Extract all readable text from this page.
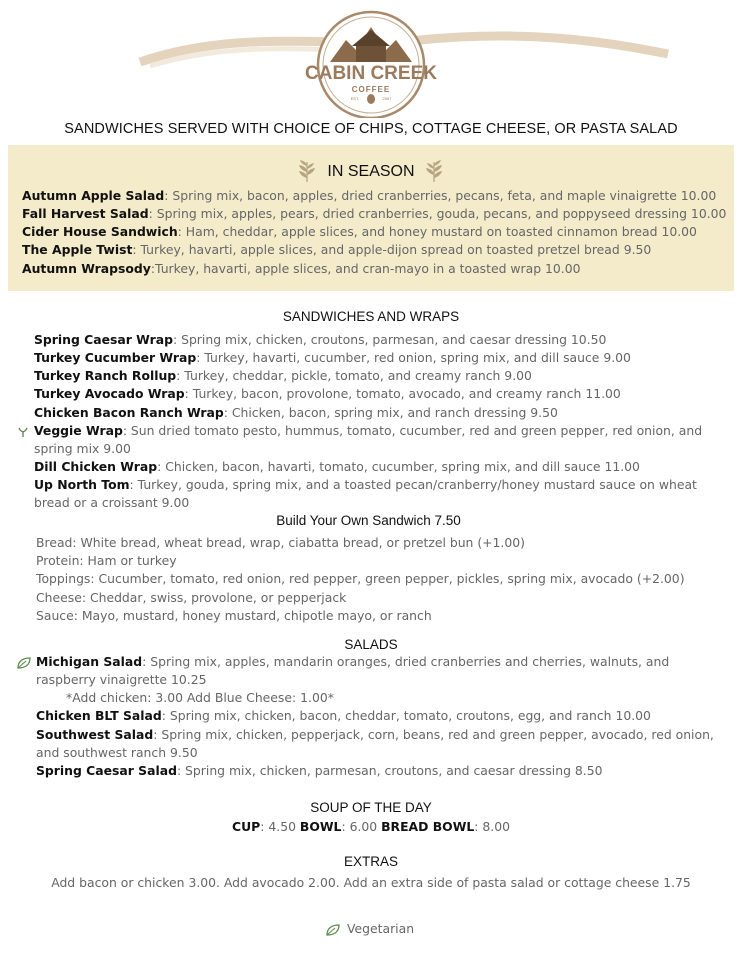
CABIN CREEK
COFFEE
EST.	2007
SANDWICHES SERVED WITH CHOICE OF CHIPS, COTTAGE CHEESE, OR PASTA SALAD
IN SEASON
Autumn Apple Salad: Spring mix, bacon, apples, dried cranberries, pecans, feta, and maple vinaigrette 10.00
Fall Harvest Salad: Spring mix, apples, pears, dried cranberries, gouda, pecans, and poppyseed dressing 10.00
Cider House Sandwich: Ham, cheddar, apple slices, and honey mustard on toasted cinnamon bread 10.00
The Apple Twist: Turkey, havarti, apple slices, and apple-dijon spread on toasted pretzel bread 9.50
Autumn Wrapsody:Turkey, havarti, apple slices, and cran-mayo in a toasted wrap 10.00
SANDWICHES AND WRAPS
Spring Caesar Wrap: Spring mix, chicken, croutons, parmesan, and caesar dressing 10.50
Turkey Cucumber Wrap: Turkey, havarti, cucumber, red onion, spring mix, and dill sauce 9.00
Turkey Ranch Rollup: Turkey, cheddar, pickle, tomato, and creamy ranch 9.00
Turkey Avocado Wrap: Turkey, bacon, provolone, tomato, avocado, and creamy ranch 11.00
Chicken Bacon Ranch Wrap: Chicken, bacon, spring mix, and ranch dressing 9.50
Veggie Wrap: Sun dried tomato pesto, hummus, tomato, cucumber, red and green pepper, red onion, and spring mix 9.00
Dill Chicken Wrap: Chicken, bacon, havarti, tomato, cucumber, spring mix, and dill sauce 11.00
Up North Tom: Turkey, gouda, spring mix, and a toasted pecan/cranberry/honey mustard sauce on wheat bread or a croissant 9.00
Build Your Own Sandwich 7.50
Bread: White bread, wheat bread, wrap, ciabatta bread, or pretzel bun (+1.00)
Protein: Ham or turkey
Toppings: Cucumber, tomato, red onion, red pepper, green pepper, pickles, spring mix, avocado (+2.00)
Cheese: Cheddar, swiss, provolone, or pepperjack
Sauce: Mayo, mustard, honey mustard, chipotle mayo, or ranch
SALADS
Michigan Salad: Spring mix, apples, mandarin oranges, dried cranberries and cherries, walnuts, and raspberry vinaigrette 10.25
*Add chicken: 3.00 Add Blue Cheese: 1.00*
Chicken BLT Salad: Spring mix, chicken, bacon, cheddar, tomato, croutons, egg, and ranch 10.00
Southwest Salad: Spring mix, chicken, pepperjack, corn, beans, red and green pepper, avocado, red onion, and southwest ranch 9.50
Spring Caesar Salad: Spring mix, chicken, parmesan, croutons, and caesar dressing 8.50
SOUP OF THE DAY
CUP: 4.50 BOWL: 6.00 BREAD BOWL: 8.00
EXTRAS
Add bacon or chicken 3.00. Add avocado 2.00. Add an extra side of pasta salad or cottage cheese 1.75
Vegetarian
